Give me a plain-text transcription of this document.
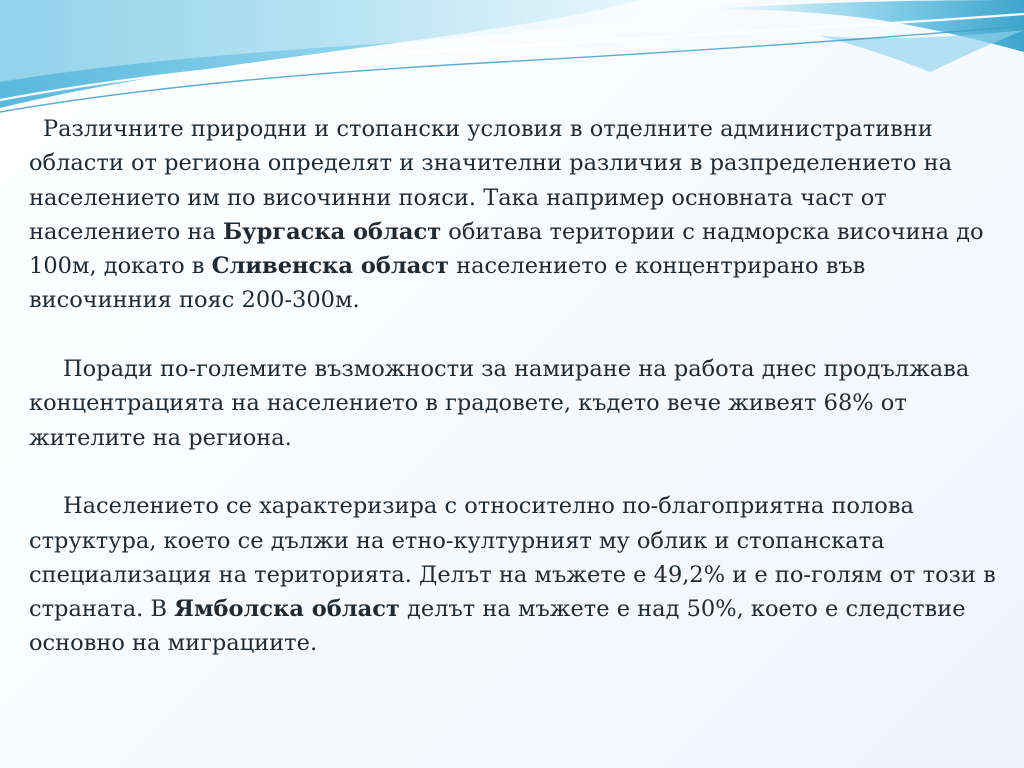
Различните природни и стопански условия в отделните административни области от региона определят и значителни различия в разпределението на населението им по височинни пояси. Така например основната част от населението на Бургаска област обитава територии с надморска височина до 100м, докато в Сливенска област населението е концентрирано във височинния пояс 200-300м.

Поради по-големите възможности за намиране на работа днес продължава концентрацията на населението в градовете, където вече живеят 68% от жителите на региона.

Населението се характеризира с относително по-благоприятна полова структура, което се дължи на етно-културният му облик и стопанската специализация на територията. Делът на мъжете е 49,2% и е по-голям от този в страната. В Ямболска област делът на мъжете е над 50%, което е следствие основно на миграциите.
